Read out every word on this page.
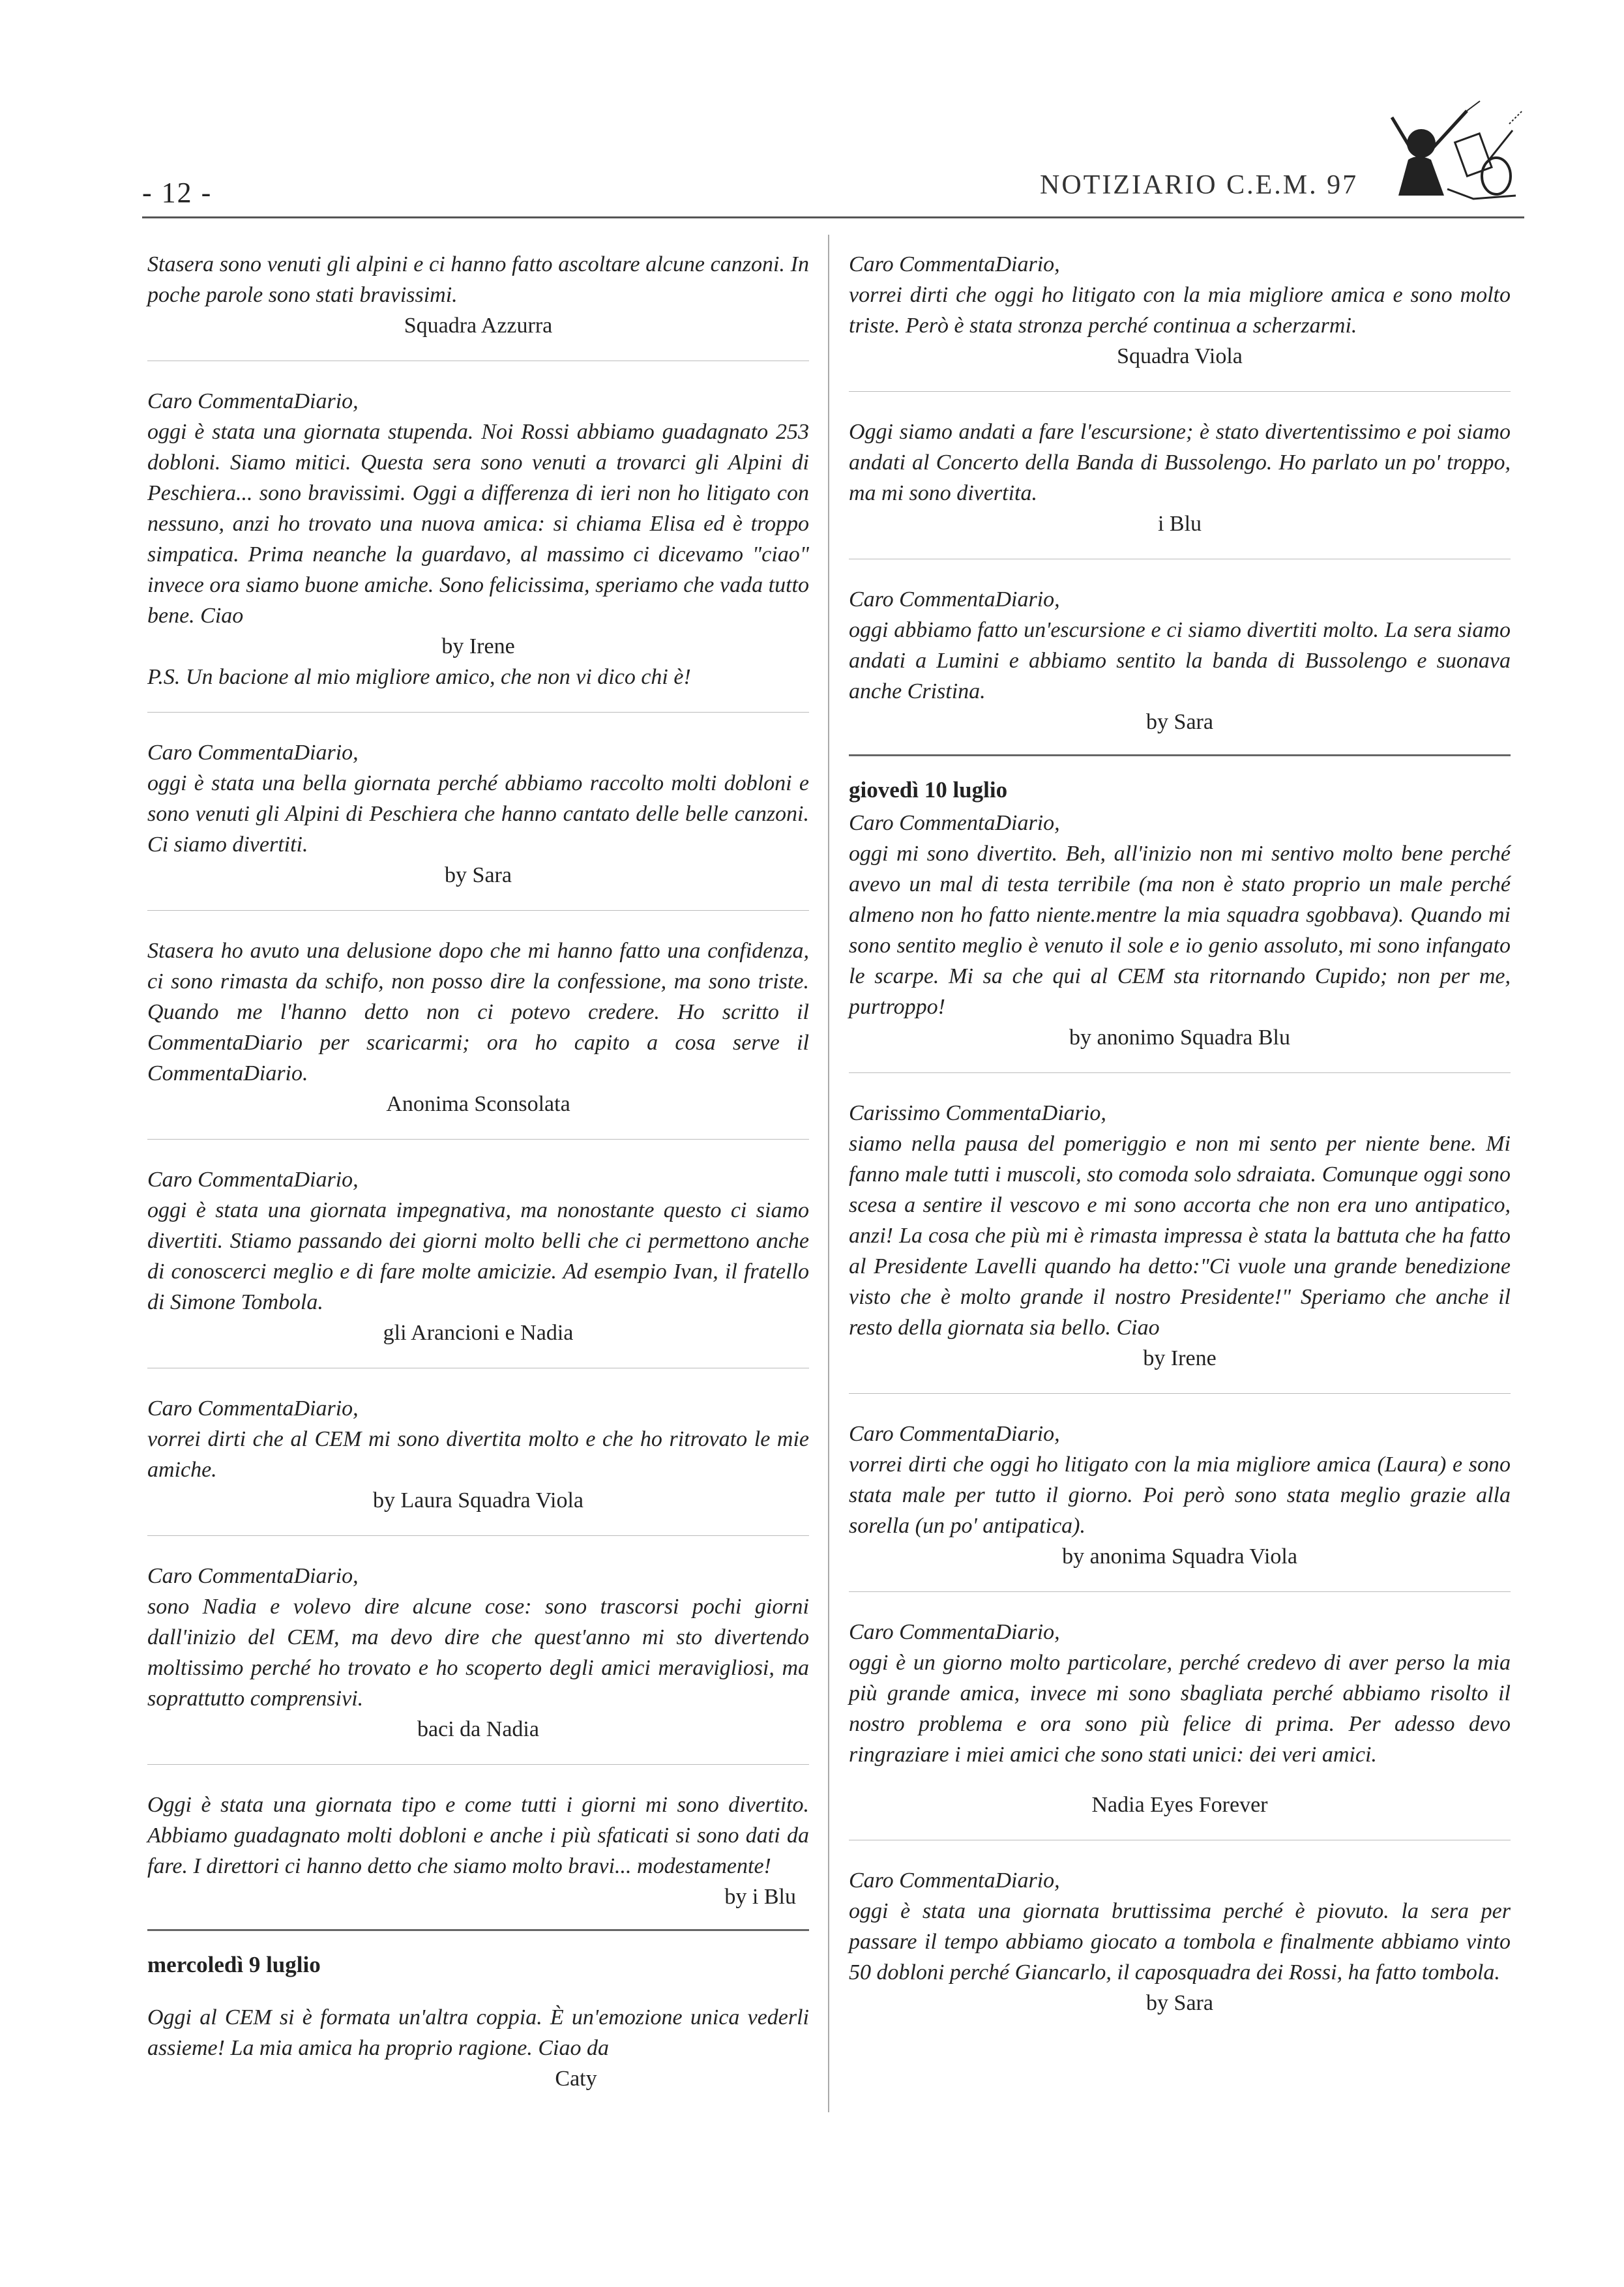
- 12 -	NOTIZIARIO C.E.M. 97

Stasera sono venuti gli alpini e ci hanno fatto ascoltare alcune canzoni. In poche parole sono stati bravissimi.

Squadra Azzurra

Caro CommentaDiario,
oggi è stata una giornata stupenda. Noi Rossi abbiamo guadagnato 253 dobloni. Siamo mitici. Questa sera sono venuti a trovarci gli Alpini di Peschiera... sono bravissimi. Oggi a differenza di ieri non ho litigato con nessuno, anzi ho trovato una nuova amica: si chiama Elisa ed è troppo simpatica. Prima neanche la guardavo, al massimo ci dicevamo "ciao" invece ora siamo buone amiche. Sono felicissima, speriamo che vada tutto bene. Ciao

by Irene

P.S. Un bacione al mio migliore amico, che non vi dico chi è!

Caro CommentaDiario,
oggi è stata una bella giornata perché abbiamo raccolto molti dobloni e sono venuti gli Alpini di Peschiera che hanno cantato delle belle canzoni. Ci siamo divertiti.

by Sara

Stasera ho avuto una delusione dopo che mi hanno fatto una confidenza, ci sono rimasta da schifo, non posso dire la confessione, ma sono triste. Quando me l'hanno detto non ci potevo credere. Ho scritto il CommentaDiario per scaricarmi; ora ho capito a cosa serve il CommentaDiario.

Anonima Sconsolata

Caro CommentaDiario,
oggi è stata una giornata impegnativa, ma nonostante questo ci siamo divertiti. Stiamo passando dei giorni molto belli che ci permettono anche di conoscerci meglio e di fare molte amicizie. Ad esempio Ivan, il fratello di Simone Tombola.

gli Arancioni e Nadia

Caro CommentaDiario,
vorrei dirti che al CEM mi sono divertita molto e che ho ritrovato le mie amiche.

by Laura Squadra Viola

Caro CommentaDiario,
sono Nadia e volevo dire alcune cose: sono trascorsi pochi giorni dall'inizio del CEM, ma devo dire che quest'anno mi sto divertendo moltissimo perché ho trovato e ho scoperto degli amici meravigliosi, ma soprattutto comprensivi.

baci da Nadia

Oggi è stata una giornata tipo e come tutti i giorni mi sono divertito. Abbiamo guadagnato molti dobloni e anche i più sfaticati si sono dati da fare. I direttori ci hanno detto che siamo molto bravi... modestamente!

by i Blu

mercoledì 9 luglio

Oggi al CEM si è formata un'altra coppia. È un'emozione unica vederli assieme! La mia amica ha proprio ragione. Ciao da

Caty

Caro CommentaDiario,
vorrei dirti che oggi ho litigato con la mia migliore amica e sono molto triste. Però è stata stronza perché continua a scherzarmi.

Squadra Viola

Oggi siamo andati a fare l'escursione; è stato divertentissimo e poi siamo andati al Concerto della Banda di Bussolengo. Ho parlato un po' troppo, ma mi sono divertita.

i Blu

Caro CommentaDiario,
oggi abbiamo fatto un'escursione e ci siamo divertiti molto. La sera siamo andati a Lumini e abbiamo sentito la banda di Bussolengo e suonava anche Cristina.

by Sara

giovedì 10 luglio

Caro CommentaDiario,
oggi mi sono divertito. Beh, all'inizio non mi sentivo molto bene perché avevo un mal di testa terribile (ma non è stato proprio un male perché almeno non ho fatto niente.mentre la mia squadra sgobbava). Quando mi sono sentito meglio è venuto il sole e io genio assoluto, mi sono infangato le scarpe. Mi sa che qui al CEM sta ritornando Cupido; non per me, purtroppo!

by anonimo Squadra Blu

Carissimo CommentaDiario,
siamo nella pausa del pomeriggio e non mi sento per niente bene. Mi fanno male tutti i muscoli, sto comoda solo sdraiata. Comunque oggi sono scesa a sentire il vescovo e mi sono accorta che non era uno antipatico, anzi! La cosa che più mi è rimasta impressa è stata la battuta che ha fatto al Presidente Lavelli quando ha detto:"Ci vuole una grande benedizione visto che è molto grande il nostro Presidente!" Speriamo che anche il resto della giornata sia bello. Ciao

by Irene

Caro CommentaDiario,
vorrei dirti che oggi ho litigato con la mia migliore amica (Laura) e sono stata male per tutto il giorno. Poi però sono stata meglio grazie alla sorella (un po' antipatica).

by anonima Squadra Viola

Caro CommentaDiario,
oggi è un giorno molto particolare, perché credevo di aver perso la mia più grande amica, invece mi sono sbagliata perché abbiamo risolto il nostro problema e ora sono più felice di prima. Per adesso devo ringraziare i miei amici che sono stati unici: dei veri amici.

Nadia Eyes Forever

Caro CommentaDiario,
oggi è stata una giornata bruttissima perché è piovuto. la sera per passare il tempo abbiamo giocato a tombola e finalmente abbiamo vinto 50 dobloni perché Giancarlo, il caposquadra dei Rossi, ha fatto tombola.

by Sara
